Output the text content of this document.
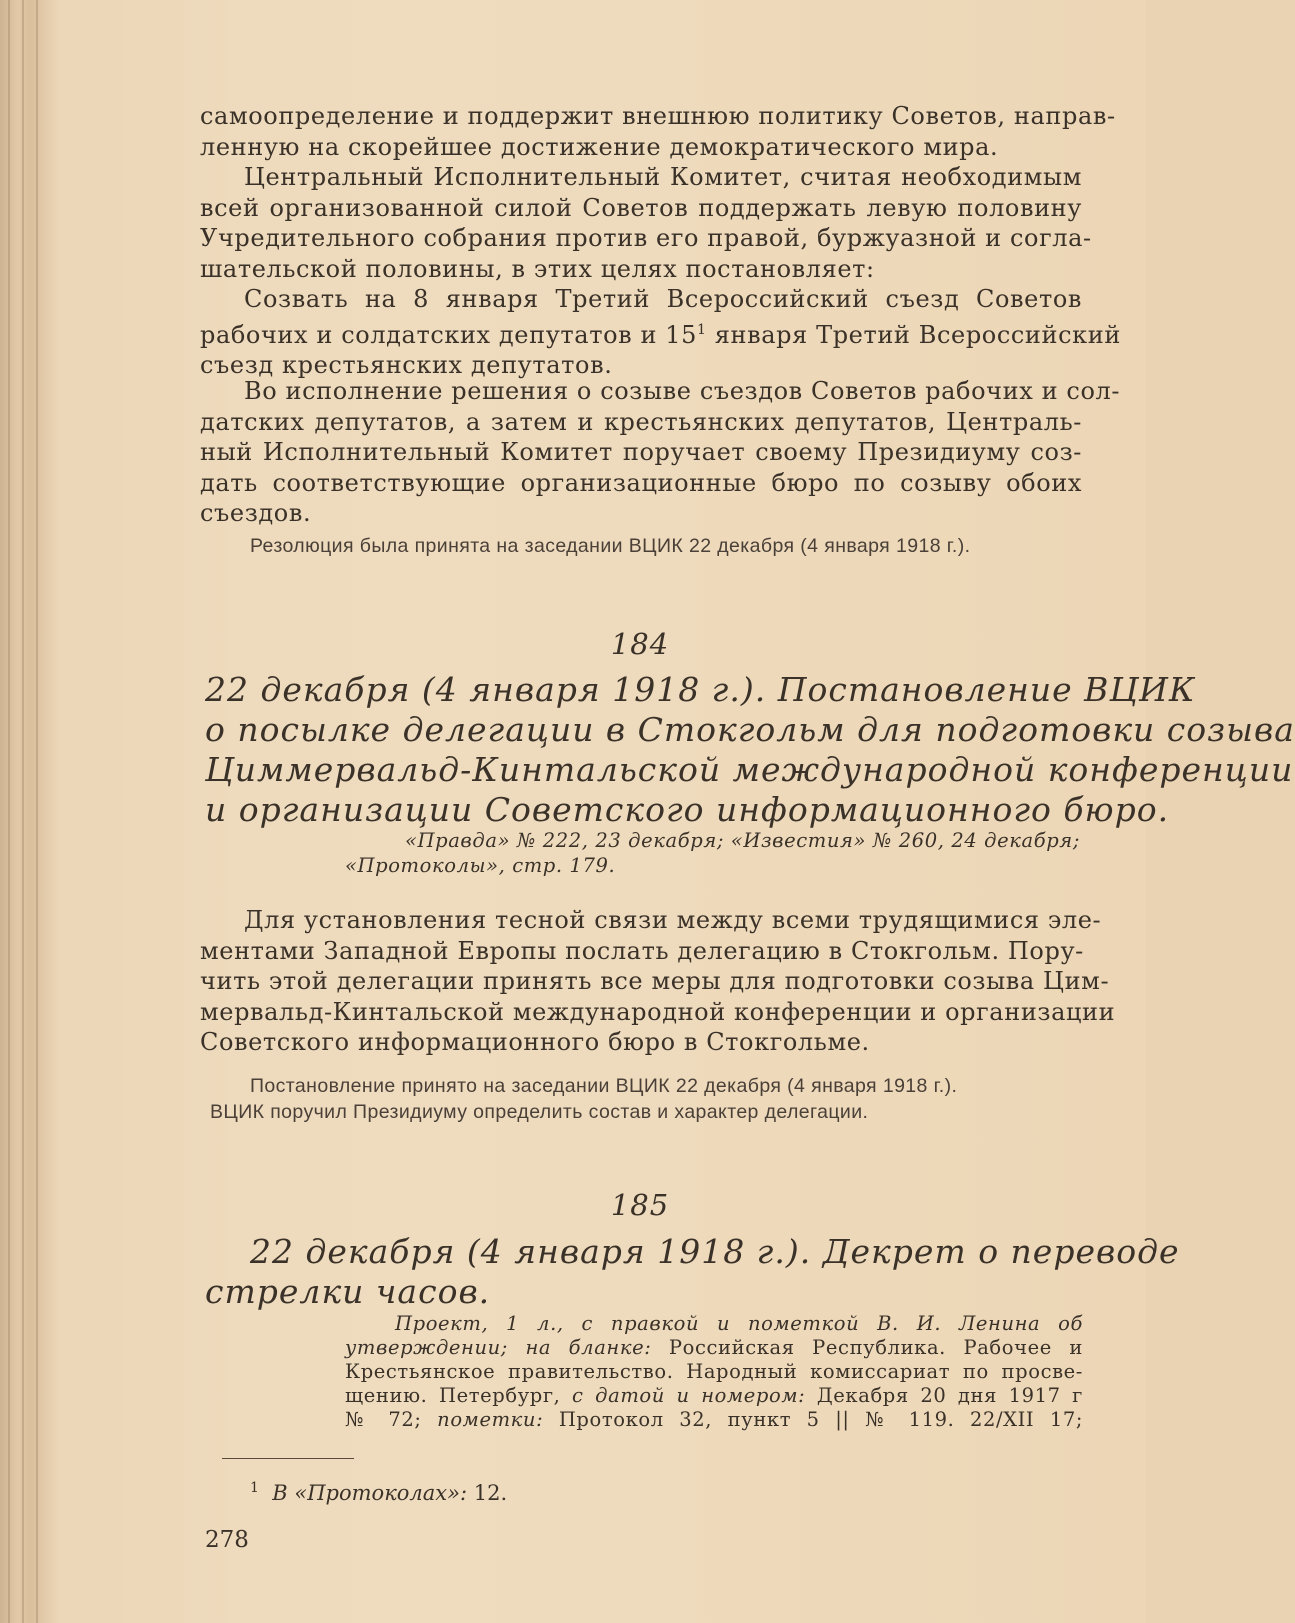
самоопределение и поддержит внешнюю политику Советов, направ-
ленную на скорейшее достижение демократического мира.
Центральный Исполнительный Комитет, считая необходимым
всей организованной силой Советов поддержать левую половину
Учредительного собрания против его правой, буржуазной и согла-
шательской половины, в этих целях постановляет:
Созвать на 8 января Третий Всероссийский съезд Советов
рабочих и солдатских депутатов и $15^1$ января Третий Всероссийский
съезд крестьянских депутатов.
Во исполнение решения о созыве съездов Советов рабочих и сол-
датских депутатов, а затем и крестьянских депутатов, Централь-
ный Исполнительный Комитет поручает своему Президиуму соз-
дать соответствующие организационные бюро по созыву обоих
съездов.

Резолюция была принята на заседании ВЦИК 22 декабря (4 января 1918 г.).

184

22 декабря (4 января 1918 г.). Постановление ВЦИК
о посылке делегации в Стокгольм для подготовки созыва
Циммервальд-Кинтальской международной конференции
и организации Советского информационного бюро.
«Правда» № 222, 23 декабря; «Известия» № 260, 24 декабря;
«Протоколы», стр. 179.
Для установления тесной связи между всеми трудящимися эле-
ментами Западной Европы послать делегацию в Стокгольм. Пору-
чить этой делегации принять все меры для подготовки созыва Цим-
мервальд-Кинтальской международной конференции и организации
Советского информационного бюро в Стокгольме.
Постановление принято на заседании ВЦИК 22 декабря (4 января 1918 г.).
ВЦИК поручил Президиуму определить состав и характер делегации.

185

22 декабря (4 января 1918 г.). Декрет о переводе
стрелки часов.
Проект, 1 л., с правкой и пометкой В. И. Ленина об
утверждении; на бланке: Российская Республика. Рабочее и
Крестьянское правительство. Народный комиссариат по просве-
щению. Петербург, с датой и номером: Декабря 20 дня 1917 г
№ 72; пометки: Протокол 32, пункт 5 || № 119. 22/XII 17;

$^1$ В «Протоколах»: 12.

278
